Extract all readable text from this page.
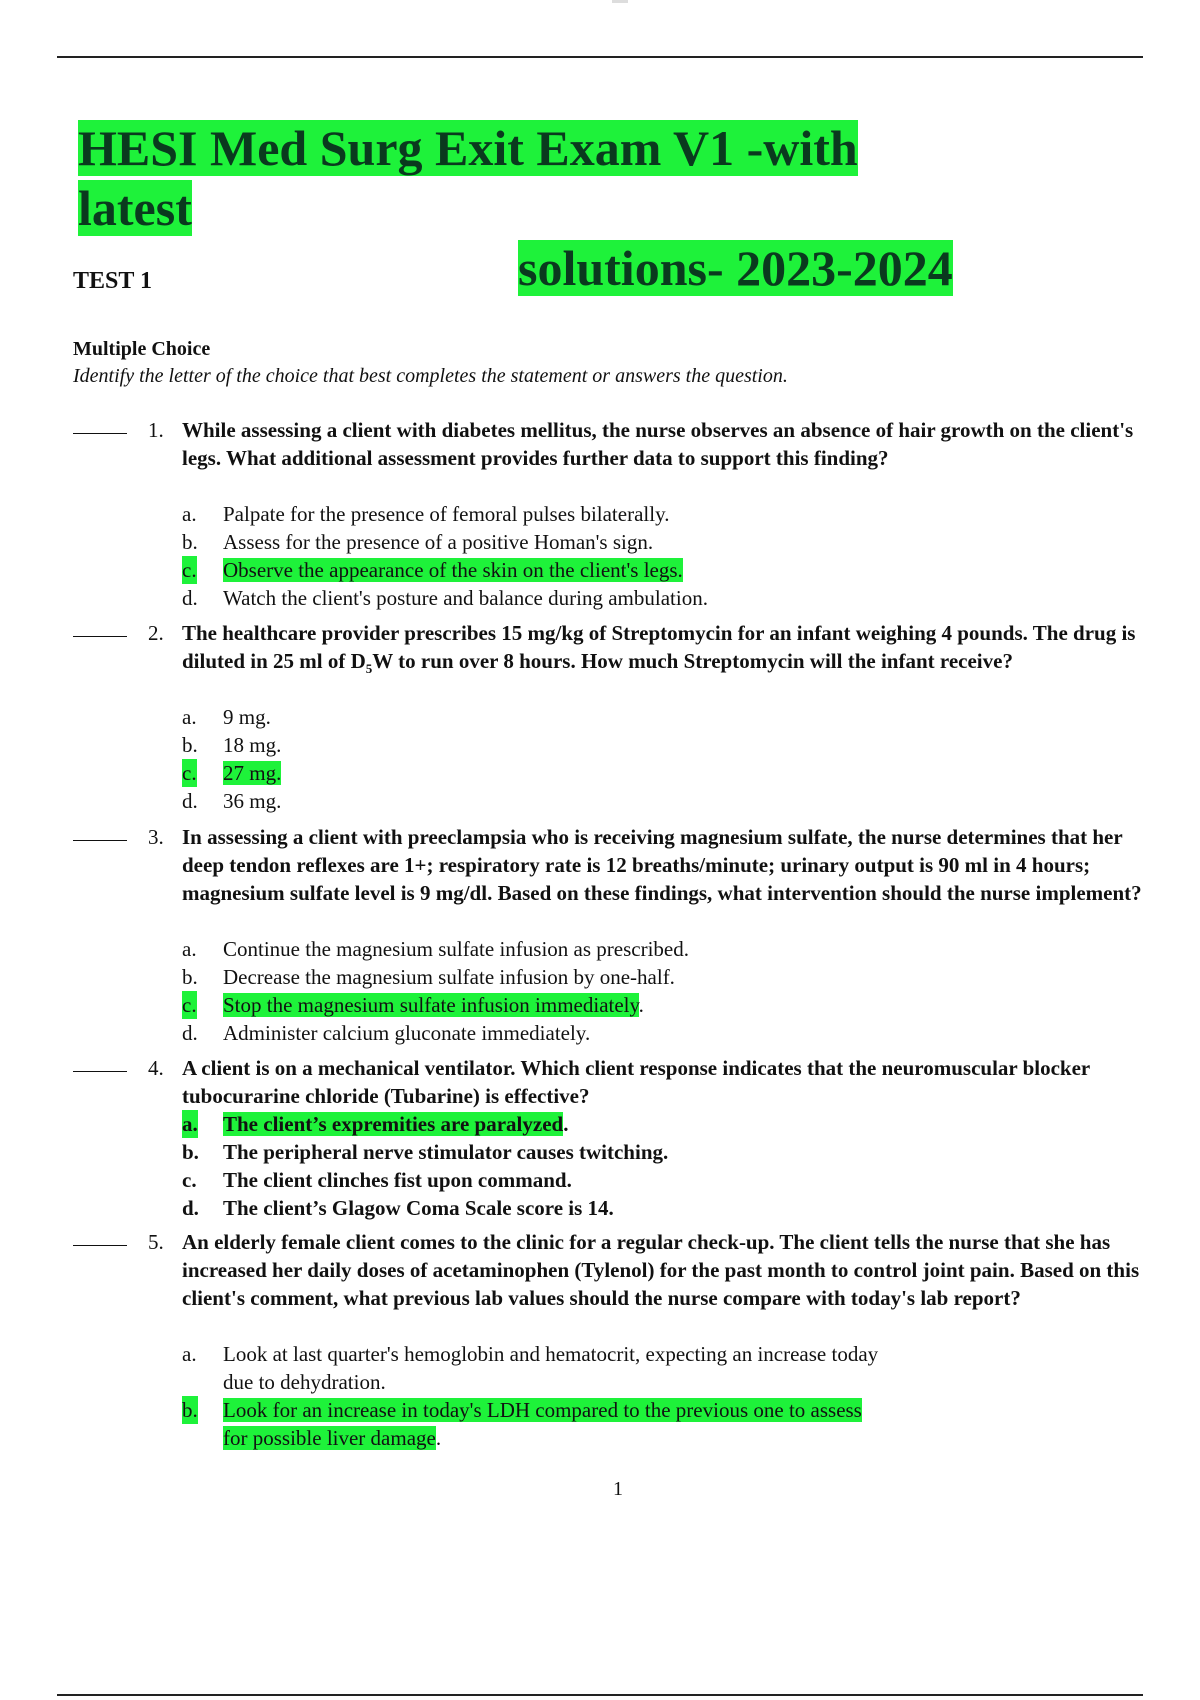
HESI Med Surg Exit Exam V1 -with latest
solutions- 2023-2024
TEST 1
Multiple Choice
Identify the letter of the choice that best completes the statement or answers the question.
1. While assessing a client with diabetes mellitus, the nurse observes an absence of hair growth on the client's legs. What additional assessment provides further data to support this finding?
a. Palpate for the presence of femoral pulses bilaterally.
b. Assess for the presence of a positive Homan's sign.
c. Observe the appearance of the skin on the client's legs.
d. Watch the client's posture and balance during ambulation.
2. The healthcare provider prescribes 15 mg/kg of Streptomycin for an infant weighing 4 pounds. The drug is diluted in 25 ml of $D_5W$ to run over 8 hours. How much Streptomycin will the infant receive?
a. 9 mg.
b. 18 mg.
c. 27 mg.
d. 36 mg.
3. In assessing a client with preeclampsia who is receiving magnesium sulfate, the nurse determines that her deep tendon reflexes are 1+; respiratory rate is 12 breaths/minute; urinary output is 90 ml in 4 hours; magnesium sulfate level is 9 mg/dl. Based on these findings, what intervention should the nurse implement?
a. Continue the magnesium sulfate infusion as prescribed.
b. Decrease the magnesium sulfate infusion by one-half.
c. Stop the magnesium sulfate infusion immediately.
d. Administer calcium gluconate immediately.
4. A client is on a mechanical ventilator. Which client response indicates that the neuromuscular blocker tubocurarine chloride (Tubarine) is effective?
a. The client’s expremities are paralyzed.
b. The peripheral nerve stimulator causes twitching.
c. The client clinches fist upon command.
d. The client’s Glagow Coma Scale score is 14.
5. An elderly female client comes to the clinic for a regular check-up. The client tells the nurse that she has increased her daily doses of acetaminophen (Tylenol) for the past month to control joint pain. Based on this client's comment, what previous lab values should the nurse compare with today's lab report?
a. Look at last quarter's hemoglobin and hematocrit, expecting an increase today
due to dehydration.
b. Look for an increase in today's LDH compared to the previous one to assess
for possible liver damage.
1
